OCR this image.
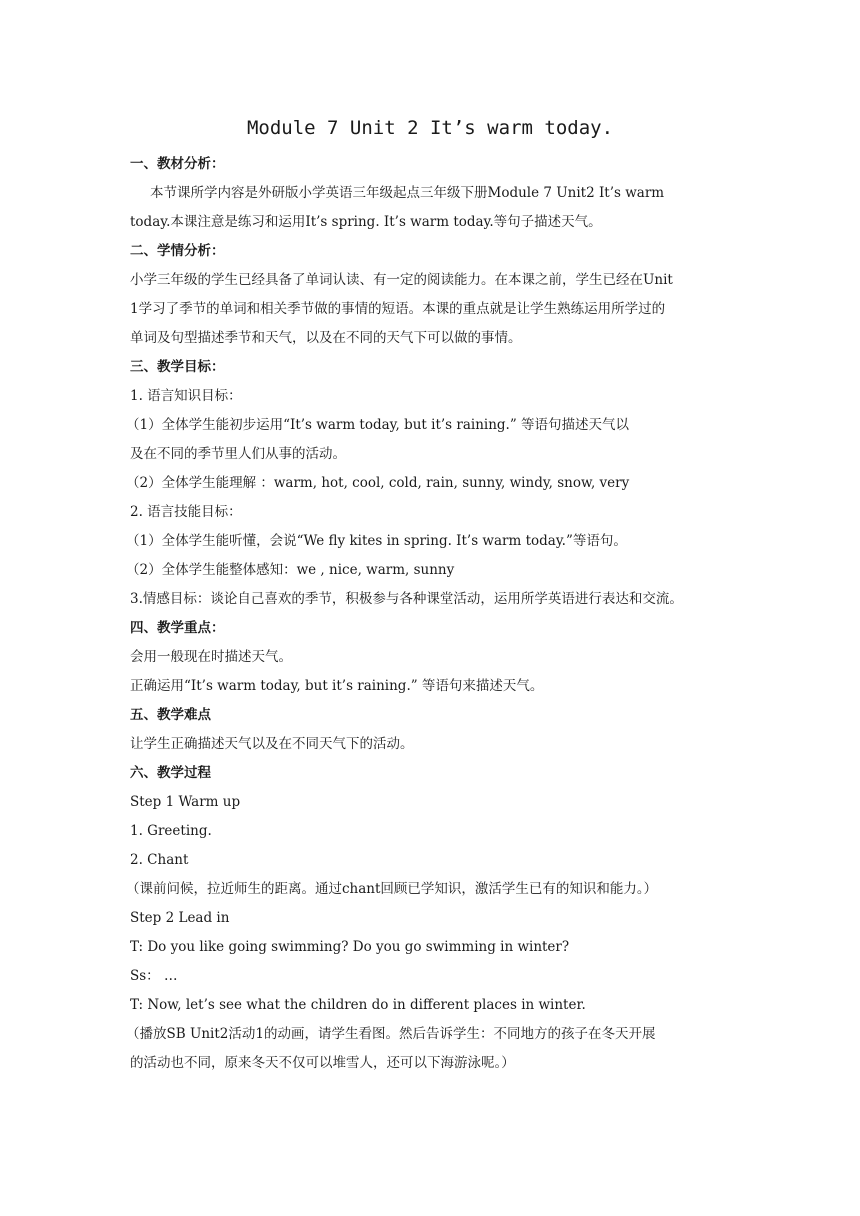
Module 7 Unit 2 It’s warm today.
一、教材分析：
本节课所学内容是外研版小学英语三年级起点三年级下册Module 7 Unit2 It’s warm
today.本课注意是练习和运用It’s spring. It’s warm today.等句子描述天气。
二、学情分析：
小学三年级的学生已经具备了单词认读、有一定的阅读能力。在本课之前，学生已经在Unit
1学习了季节的单词和相关季节做的事情的短语。本课的重点就是让学生熟练运用所学过的
单词及句型描述季节和天气，以及在不同的天气下可以做的事情。
三、教学目标：
1. 语言知识目标：
（1）全体学生能初步运用“It’s warm today, but it’s raining.” 等语句描述天气以
及在不同的季节里人们从事的活动。
（2）全体学生能理解 ：warm, hot, cool, cold, rain, sunny, windy, snow, very
2. 语言技能目标：
（1）全体学生能听懂，会说“We fly kites in spring. It’s warm today.”等语句。
（2）全体学生能整体感知：we , nice, warm, sunny
3.情感目标：谈论自己喜欢的季节，积极参与各种课堂活动，运用所学英语进行表达和交流。
四、教学重点：
会用一般现在时描述天气。
正确运用“It’s warm today, but it’s raining.” 等语句来描述天气。
五、教学难点
让学生正确描述天气以及在不同天气下的活动。
六、教学过程
Step 1 Warm up
1. Greeting.
2. Chant
（课前问候，拉近师生的距离。通过chant回顾已学知识，激活学生已有的知识和能力。）
Step 2 Lead in
T: Do you like going swimming? Do you go swimming in winter?
Ss： …
T: Now, let’s see what the children do in different places in winter.
（播放SB Unit2活动1的动画，请学生看图。然后告诉学生：不同地方的孩子在冬天开展
的活动也不同，原来冬天不仅可以堆雪人，还可以下海游泳呢。）
